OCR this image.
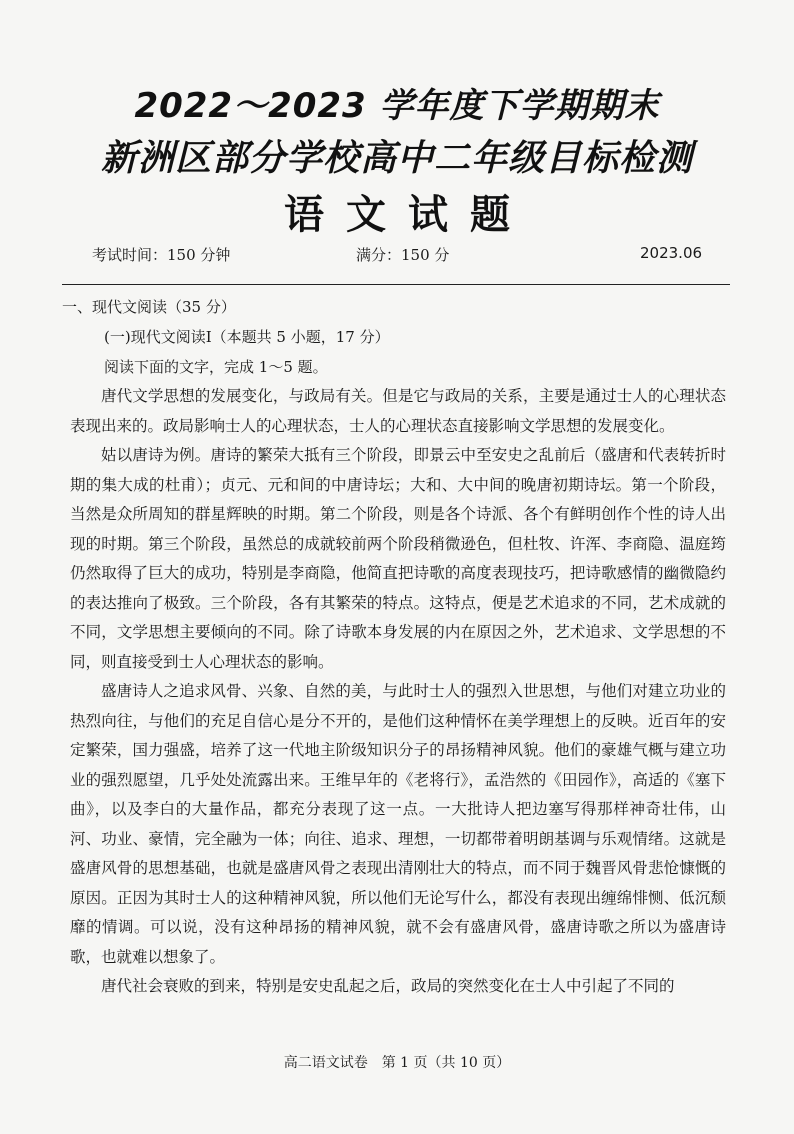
2022～2023 学年度下学期期末
新洲区部分学校高中二年级目标检测
语文试题
考试时间：150 分钟	满分：150 分	2023.06
一、现代文阅读（35 分）
(一)现代文阅读Ⅰ（本题共 5 小题，17 分）
阅读下面的文字，完成 1～5 题。

唐代文学思想的发展变化，与政局有关。但是它与政局的关系，主要是通过士人的心理状态表现出来的。政局影响士人的心理状态，士人的心理状态直接影响文学思想的发展变化。

姑以唐诗为例。唐诗的繁荣大抵有三个阶段，即景云中至安史之乱前后（盛唐和代表转折时期的集大成的杜甫）；贞元、元和间的中唐诗坛；大和、大中间的晚唐初期诗坛。第一个阶段，当然是众所周知的群星辉映的时期。第二个阶段，则是各个诗派、各个有鲜明创作个性的诗人出现的时期。第三个阶段，虽然总的成就较前两个阶段稍微逊色，但杜牧、许浑、李商隐、温庭筠仍然取得了巨大的成功，特别是李商隐，他简直把诗歌的高度表现技巧，把诗歌感情的幽微隐约的表达推向了极致。三个阶段，各有其繁荣的特点。这特点，便是艺术追求的不同，艺术成就的不同，文学思想主要倾向的不同。除了诗歌本身发展的内在原因之外，艺术追求、文学思想的不同，则直接受到士人心理状态的影响。

盛唐诗人之追求风骨、兴象、自然的美，与此时士人的强烈入世思想，与他们对建立功业的热烈向往，与他们的充足自信心是分不开的，是他们这种情怀在美学理想上的反映。近百年的安定繁荣，国力强盛，培养了这一代地主阶级知识分子的昂扬精神风貌。他们的豪雄气概与建立功业的强烈愿望，几乎处处流露出来。王维早年的《老将行》，孟浩然的《田园作》，高适的《塞下曲》，以及李白的大量作品，都充分表现了这一点。一大批诗人把边塞写得那样神奇壮伟，山河、功业、豪情，完全融为一体；向往、追求、理想，一切都带着明朗基调与乐观情绪。这就是盛唐风骨的思想基础，也就是盛唐风骨之表现出清刚壮大的特点，而不同于魏晋风骨悲怆慷慨的原因。正因为其时士人的这种精神风貌，所以他们无论写什么，都没有表现出缠绵悱恻、低沉颓靡的情调。可以说，没有这种昂扬的精神风貌，就不会有盛唐风骨，盛唐诗歌之所以为盛唐诗歌，也就难以想象了。

唐代社会衰败的到来，特别是安史乱起之后，政局的突然变化在士人中引起了不同的

高二语文试卷　第 1 页（共 10 页）
